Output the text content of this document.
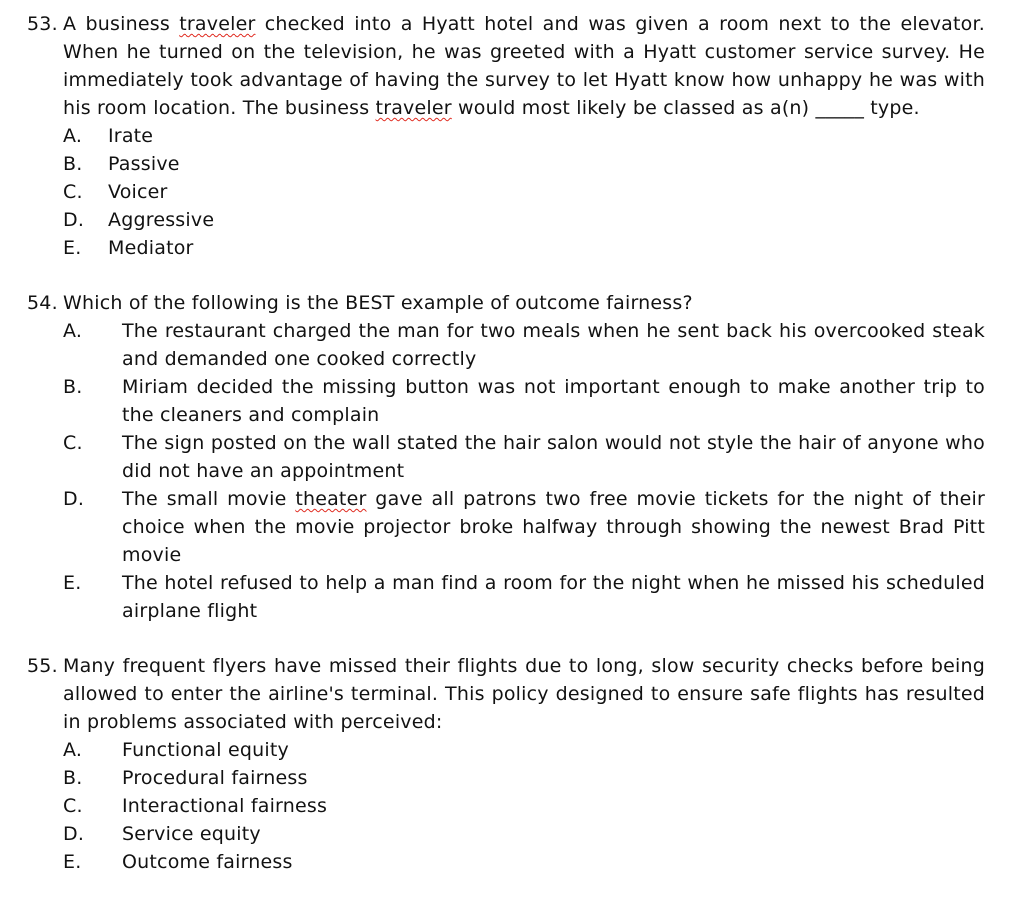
53. A business traveler checked into a Hyatt hotel and was given a room next to the elevator. When he turned on the television, he was greeted with a Hyatt customer service survey. He immediately took advantage of having the survey to let Hyatt know how unhappy he was with his room location. The business traveler would most likely be classed as a(n) _____ type.

A.	Irate
B.	Passive
C.	Voicer
D.	Aggressive
E.	Mediator
54. Which of the following is the BEST example of outcome fairness?

A.	The restaurant charged the man for two meals when he sent back his overcooked steak and demanded one cooked correctly
B.	Miriam decided the missing button was not important enough to make another trip to the cleaners and complain
C.	The sign posted on the wall stated the hair salon would not style the hair of anyone who did not have an appointment
D.	The small movie theater gave all patrons two free movie tickets for the night of their choice when the movie projector broke halfway through showing the newest Brad Pitt movie
E.	The hotel refused to help a man find a room for the night when he missed his scheduled airplane flight
55. Many frequent flyers have missed their flights due to long, slow security checks before being allowed to enter the airline's terminal. This policy designed to ensure safe flights has resulted in problems associated with perceived:

A.	Functional equity
B.	Procedural fairness
C.	Interactional fairness
D.	Service equity
E.	Outcome fairness
